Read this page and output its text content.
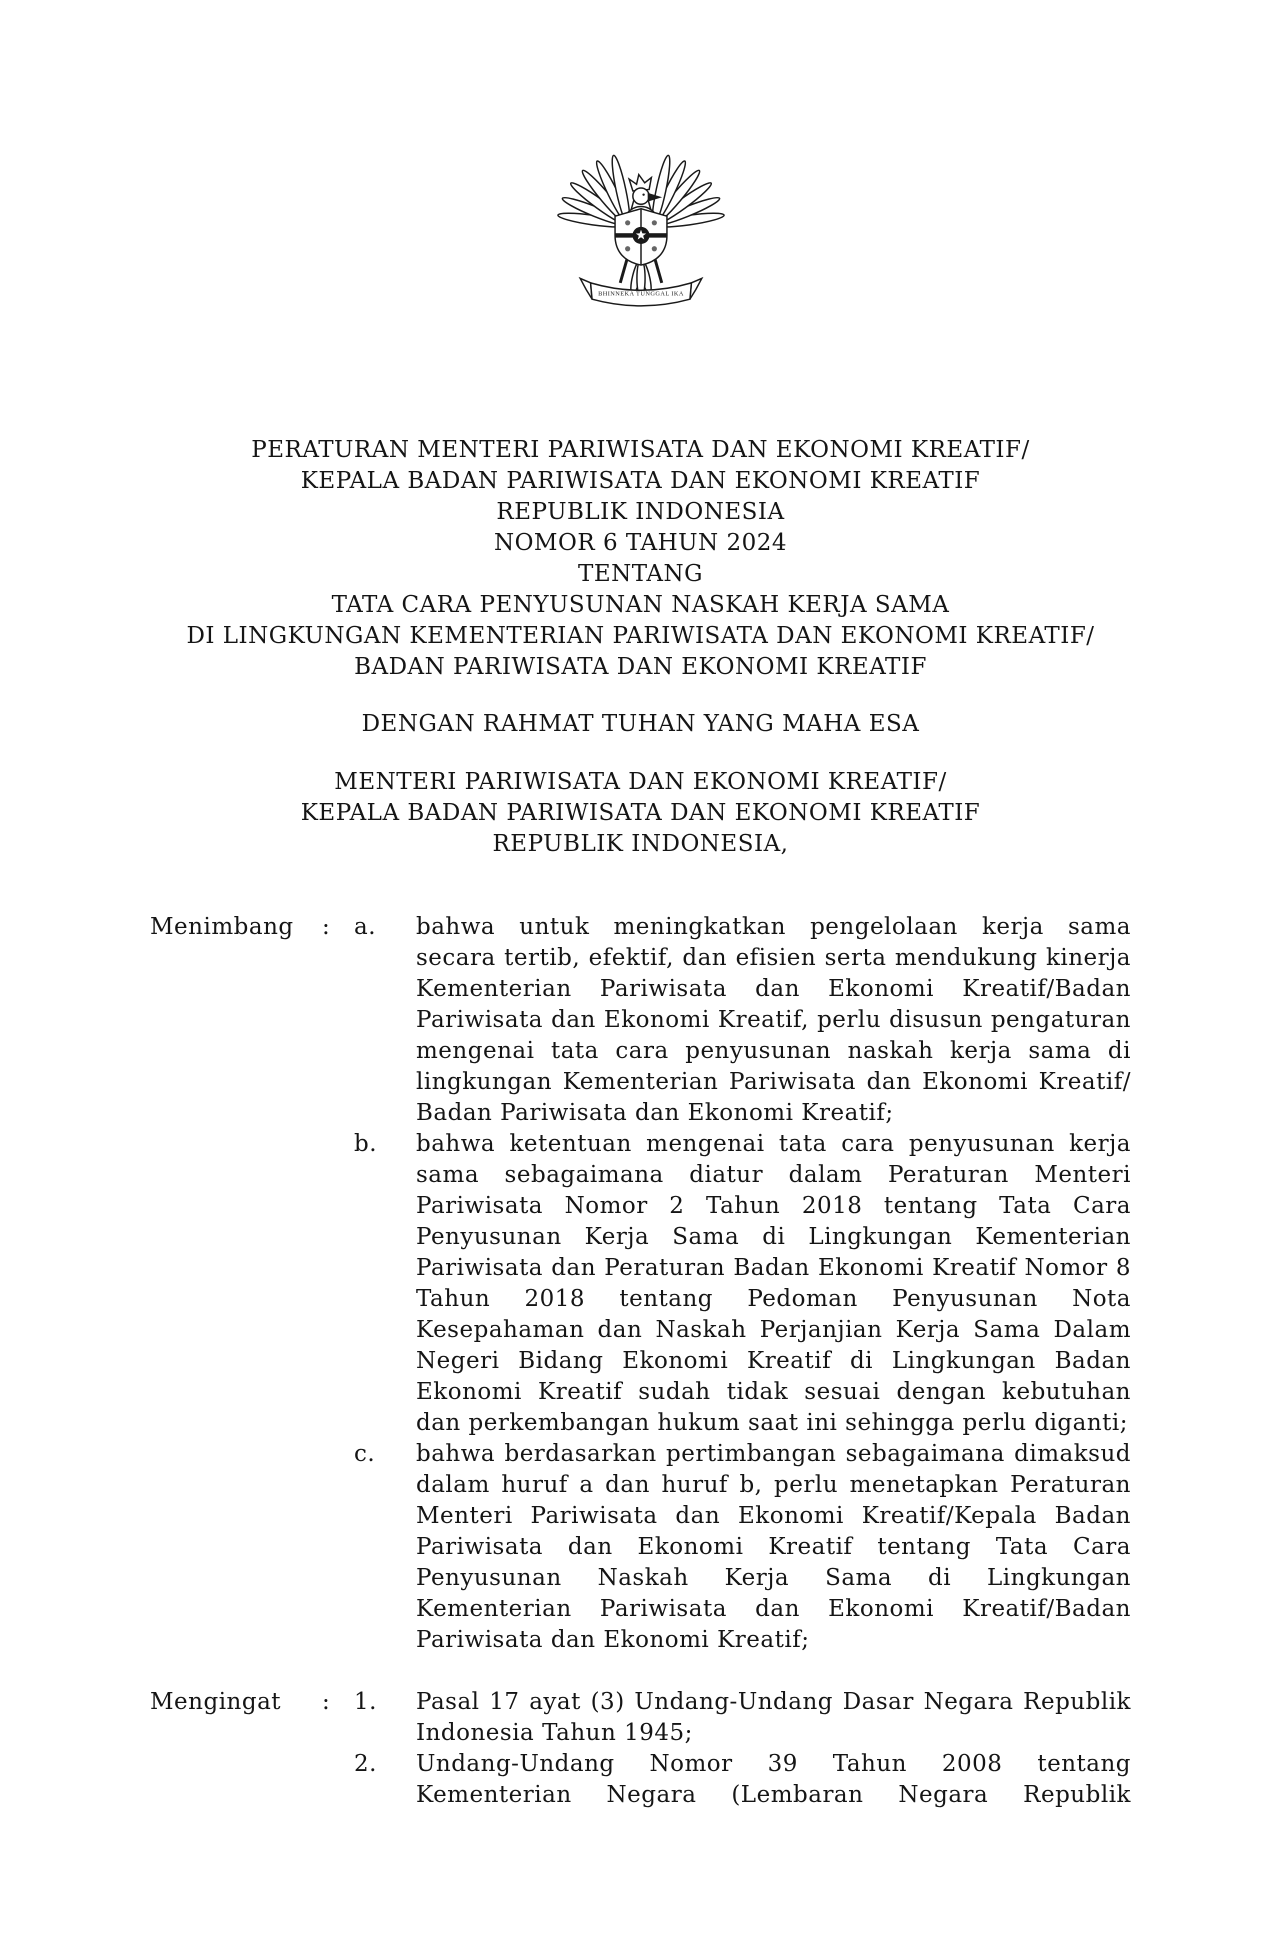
BHINNEKA TUNGGAL IKA
PERATURAN MENTERI PARIWISATA DAN EKONOMI KREATIF/
KEPALA BADAN PARIWISATA DAN EKONOMI KREATIF
REPUBLIK INDONESIA
NOMOR 6 TAHUN 2024
TENTANG
TATA CARA PENYUSUNAN NASKAH KERJA SAMA
DI LINGKUNGAN KEMENTERIAN PARIWISATA DAN EKONOMI KREATIF/
BADAN PARIWISATA DAN EKONOMI KREATIF
DENGAN RAHMAT TUHAN YANG MAHA ESA
MENTERI PARIWISATA DAN EKONOMI KREATIF/
KEPALA BADAN PARIWISATA DAN EKONOMI KREATIF
REPUBLIK INDONESIA,
Menimbang	:	a.	bahwa untuk meningkatkan pengelolaan kerja sama secara tertib, efektif, dan efisien serta mendukung kinerja Kementerian Pariwisata dan Ekonomi Kreatif/Badan Pariwisata dan Ekonomi Kreatif, perlu disusun pengaturan mengenai tata cara penyusunan naskah kerja sama di lingkungan Kementerian Pariwisata dan Ekonomi Kreatif/ Badan Pariwisata dan Ekonomi Kreatif;
b.	bahwa ketentuan mengenai tata cara penyusunan kerja sama sebagaimana diatur dalam Peraturan Menteri Pariwisata Nomor 2 Tahun 2018 tentang Tata Cara Penyusunan Kerja Sama di Lingkungan Kementerian Pariwisata dan Peraturan Badan Ekonomi Kreatif Nomor 8 Tahun 2018 tentang Pedoman Penyusunan Nota Kesepahaman dan Naskah Perjanjian Kerja Sama Dalam Negeri Bidang Ekonomi Kreatif di Lingkungan Badan Ekonomi Kreatif sudah tidak sesuai dengan kebutuhan dan perkembangan hukum saat ini sehingga perlu diganti;
c.	bahwa berdasarkan pertimbangan sebagaimana dimaksud dalam huruf a dan huruf b, perlu menetapkan Peraturan Menteri Pariwisata dan Ekonomi Kreatif/Kepala Badan Pariwisata dan Ekonomi Kreatif tentang Tata Cara Penyusunan Naskah Kerja Sama di Lingkungan Kementerian Pariwisata dan Ekonomi Kreatif/Badan Pariwisata dan Ekonomi Kreatif;
Mengingat	:	1.	Pasal 17 ayat (3) Undang-Undang Dasar Negara Republik Indonesia Tahun 1945;
2.	Undang-Undang Nomor 39 Tahun 2008 tentang Kementerian Negara (Lembaran Negara Republik
